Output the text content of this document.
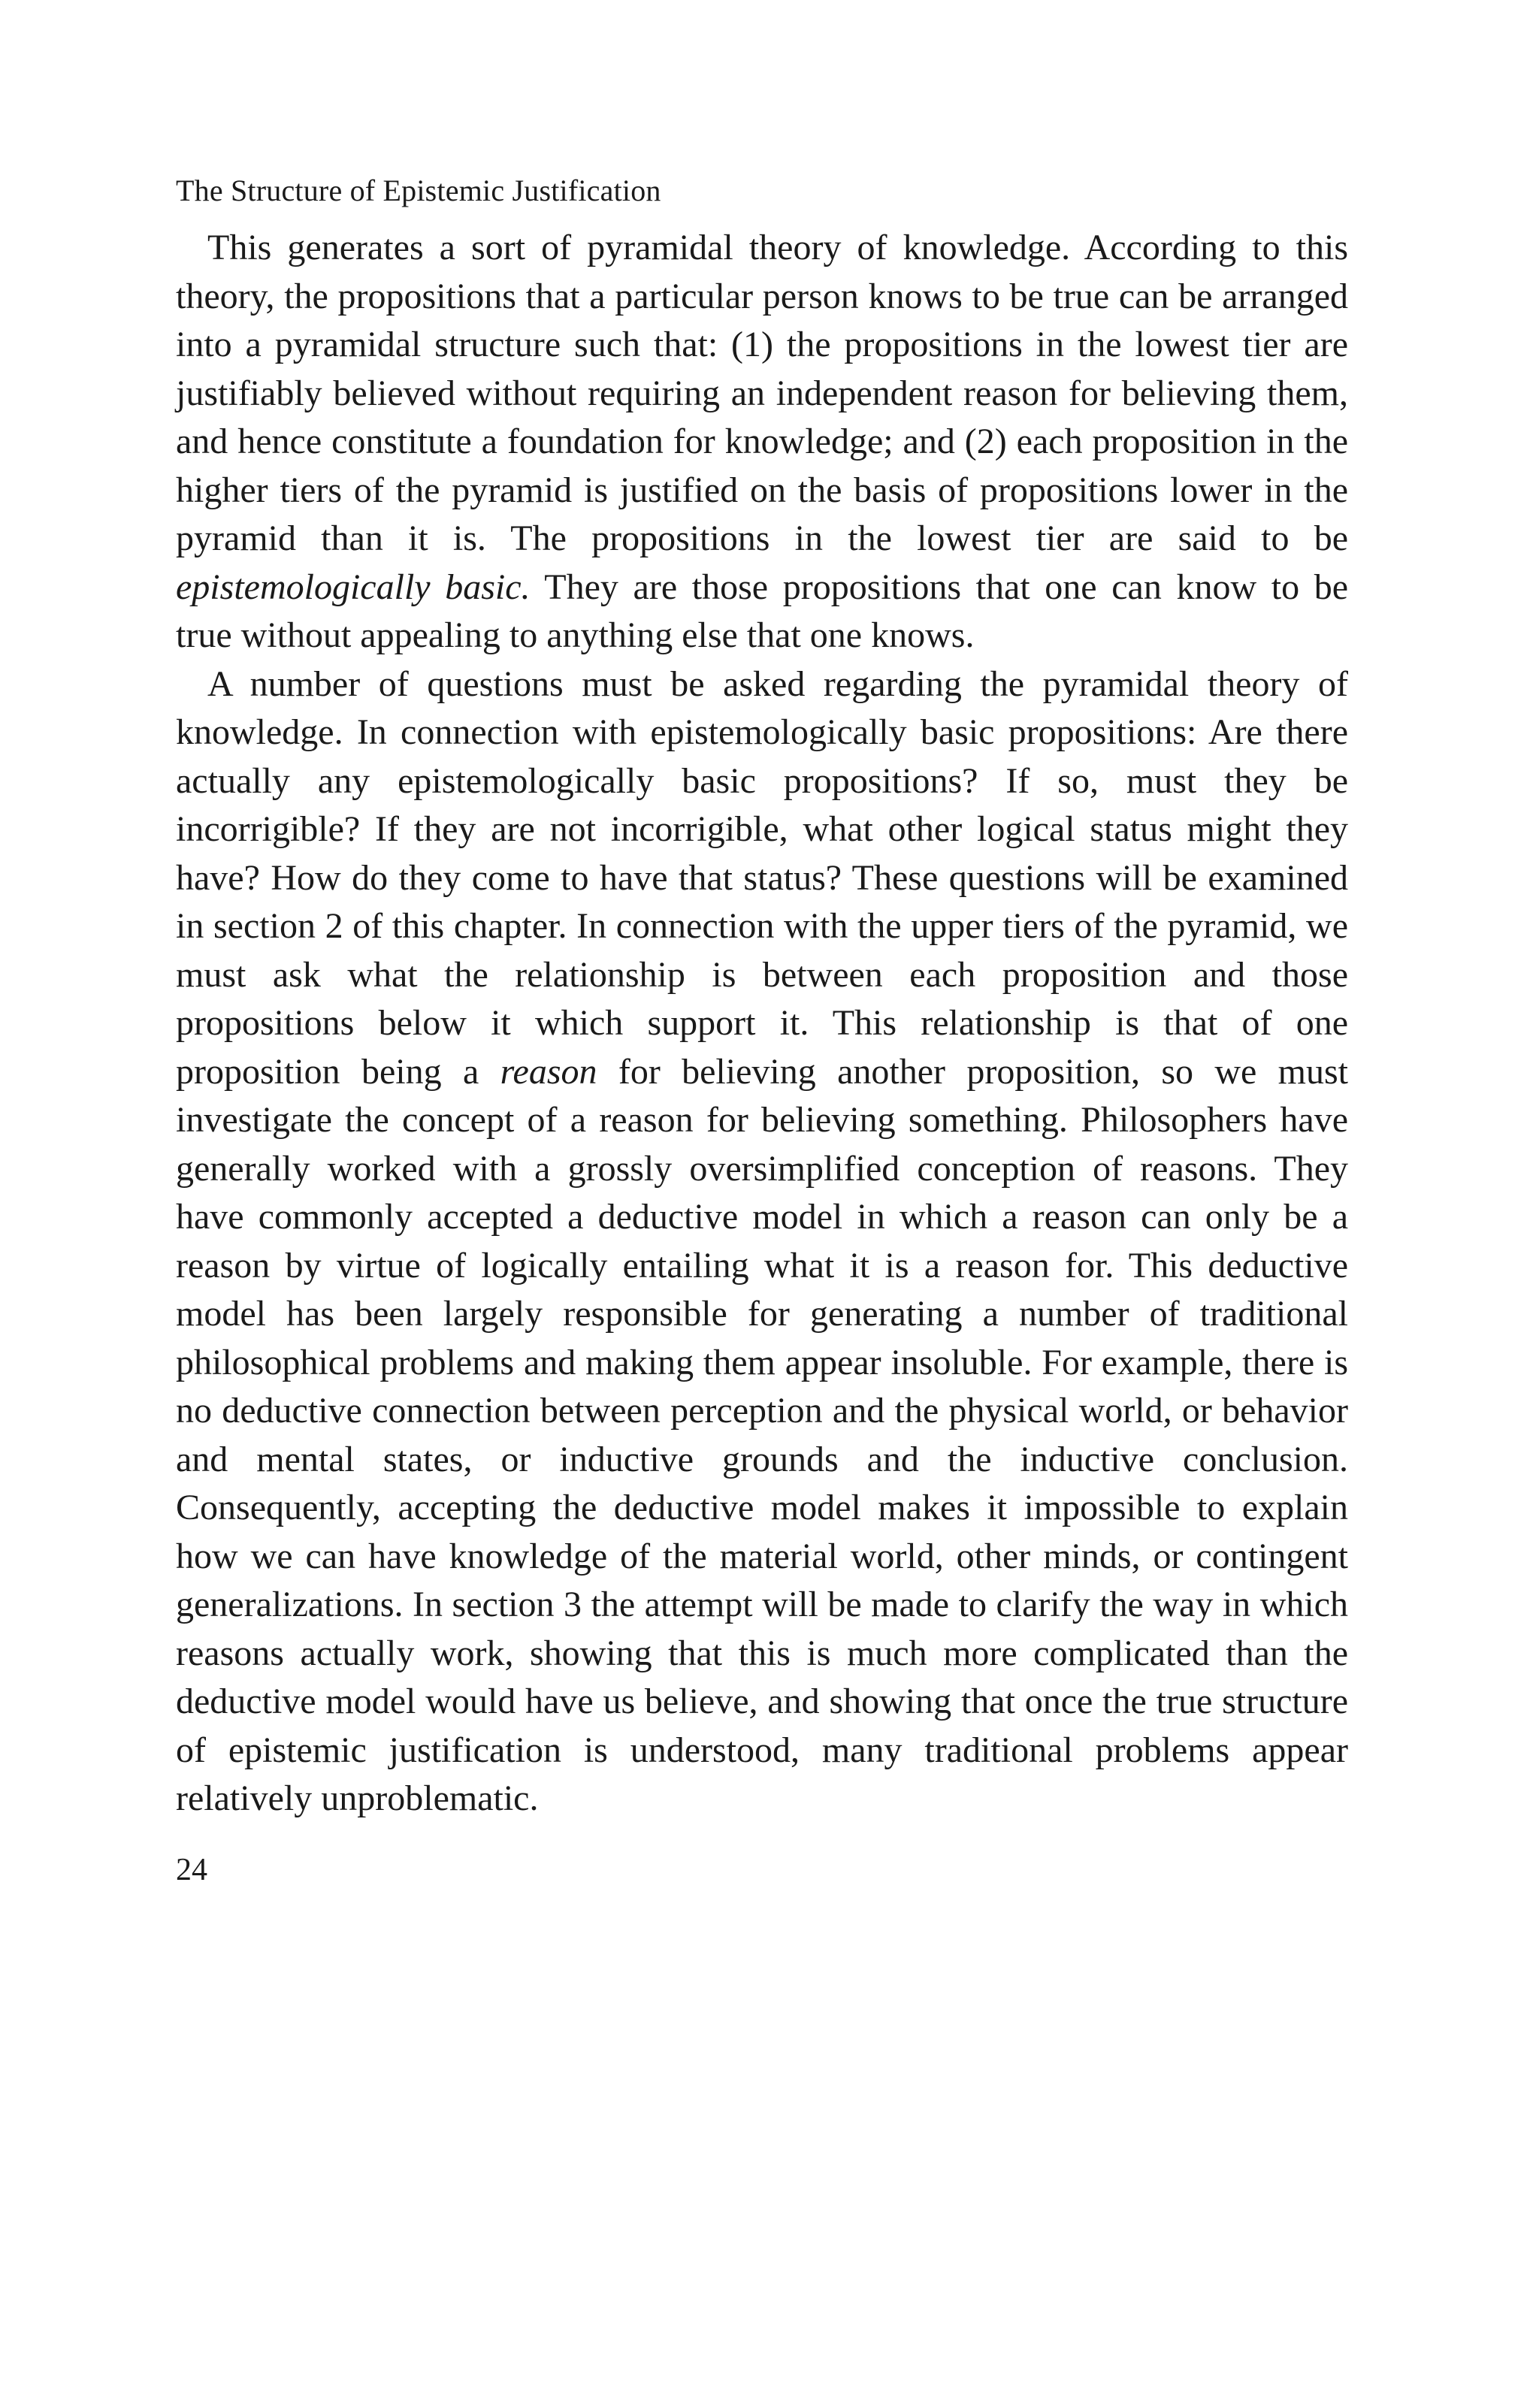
The Structure of Epistemic Justification

This generates a sort of pyramidal theory of knowledge. According to this theory, the propositions that a particular person knows to be true can be arranged into a pyramidal structure such that: (1) the propositions in the lowest tier are justifiably believed without requiring an independent reason for believing them, and hence constitute a foundation for knowledge; and (2) each proposition in the higher tiers of the pyramid is justified on the basis of propositions lower in the pyramid than it is. The propositions in the lowest tier are said to be epistemologically basic. They are those propositions that one can know to be true without appealing to anything else that one knows.

A number of questions must be asked regarding the pyramidal theory of knowledge. In connection with epistemologically basic propositions: Are there actually any epistemologically basic propositions? If so, must they be incorrigible? If they are not incorrigible, what other logical status might they have? How do they come to have that status? These questions will be examined in section 2 of this chapter. In connection with the upper tiers of the pyramid, we must ask what the relationship is between each proposition and those propositions below it which support it. This relationship is that of one proposition being a reason for believing another proposition, so we must investigate the concept of a reason for believing something. Philosophers have generally worked with a grossly oversimplified conception of reasons. They have commonly accepted a deductive model in which a reason can only be a reason by virtue of logically entailing what it is a reason for. This deductive model has been largely responsible for generating a number of traditional philosophical problems and making them appear insoluble. For example, there is no deductive connection between perception and the physical world, or behavior and mental states, or inductive grounds and the inductive conclusion. Consequently, accepting the deductive model makes it impossible to explain how we can have knowledge of the material world, other minds, or contingent generalizations. In section 3 the attempt will be made to clarify the way in which reasons actually work, showing that this is much more complicated than the deductive model would have us believe, and showing that once the true structure of epistemic justification is understood, many traditional problems appear relatively unproblematic.

24
